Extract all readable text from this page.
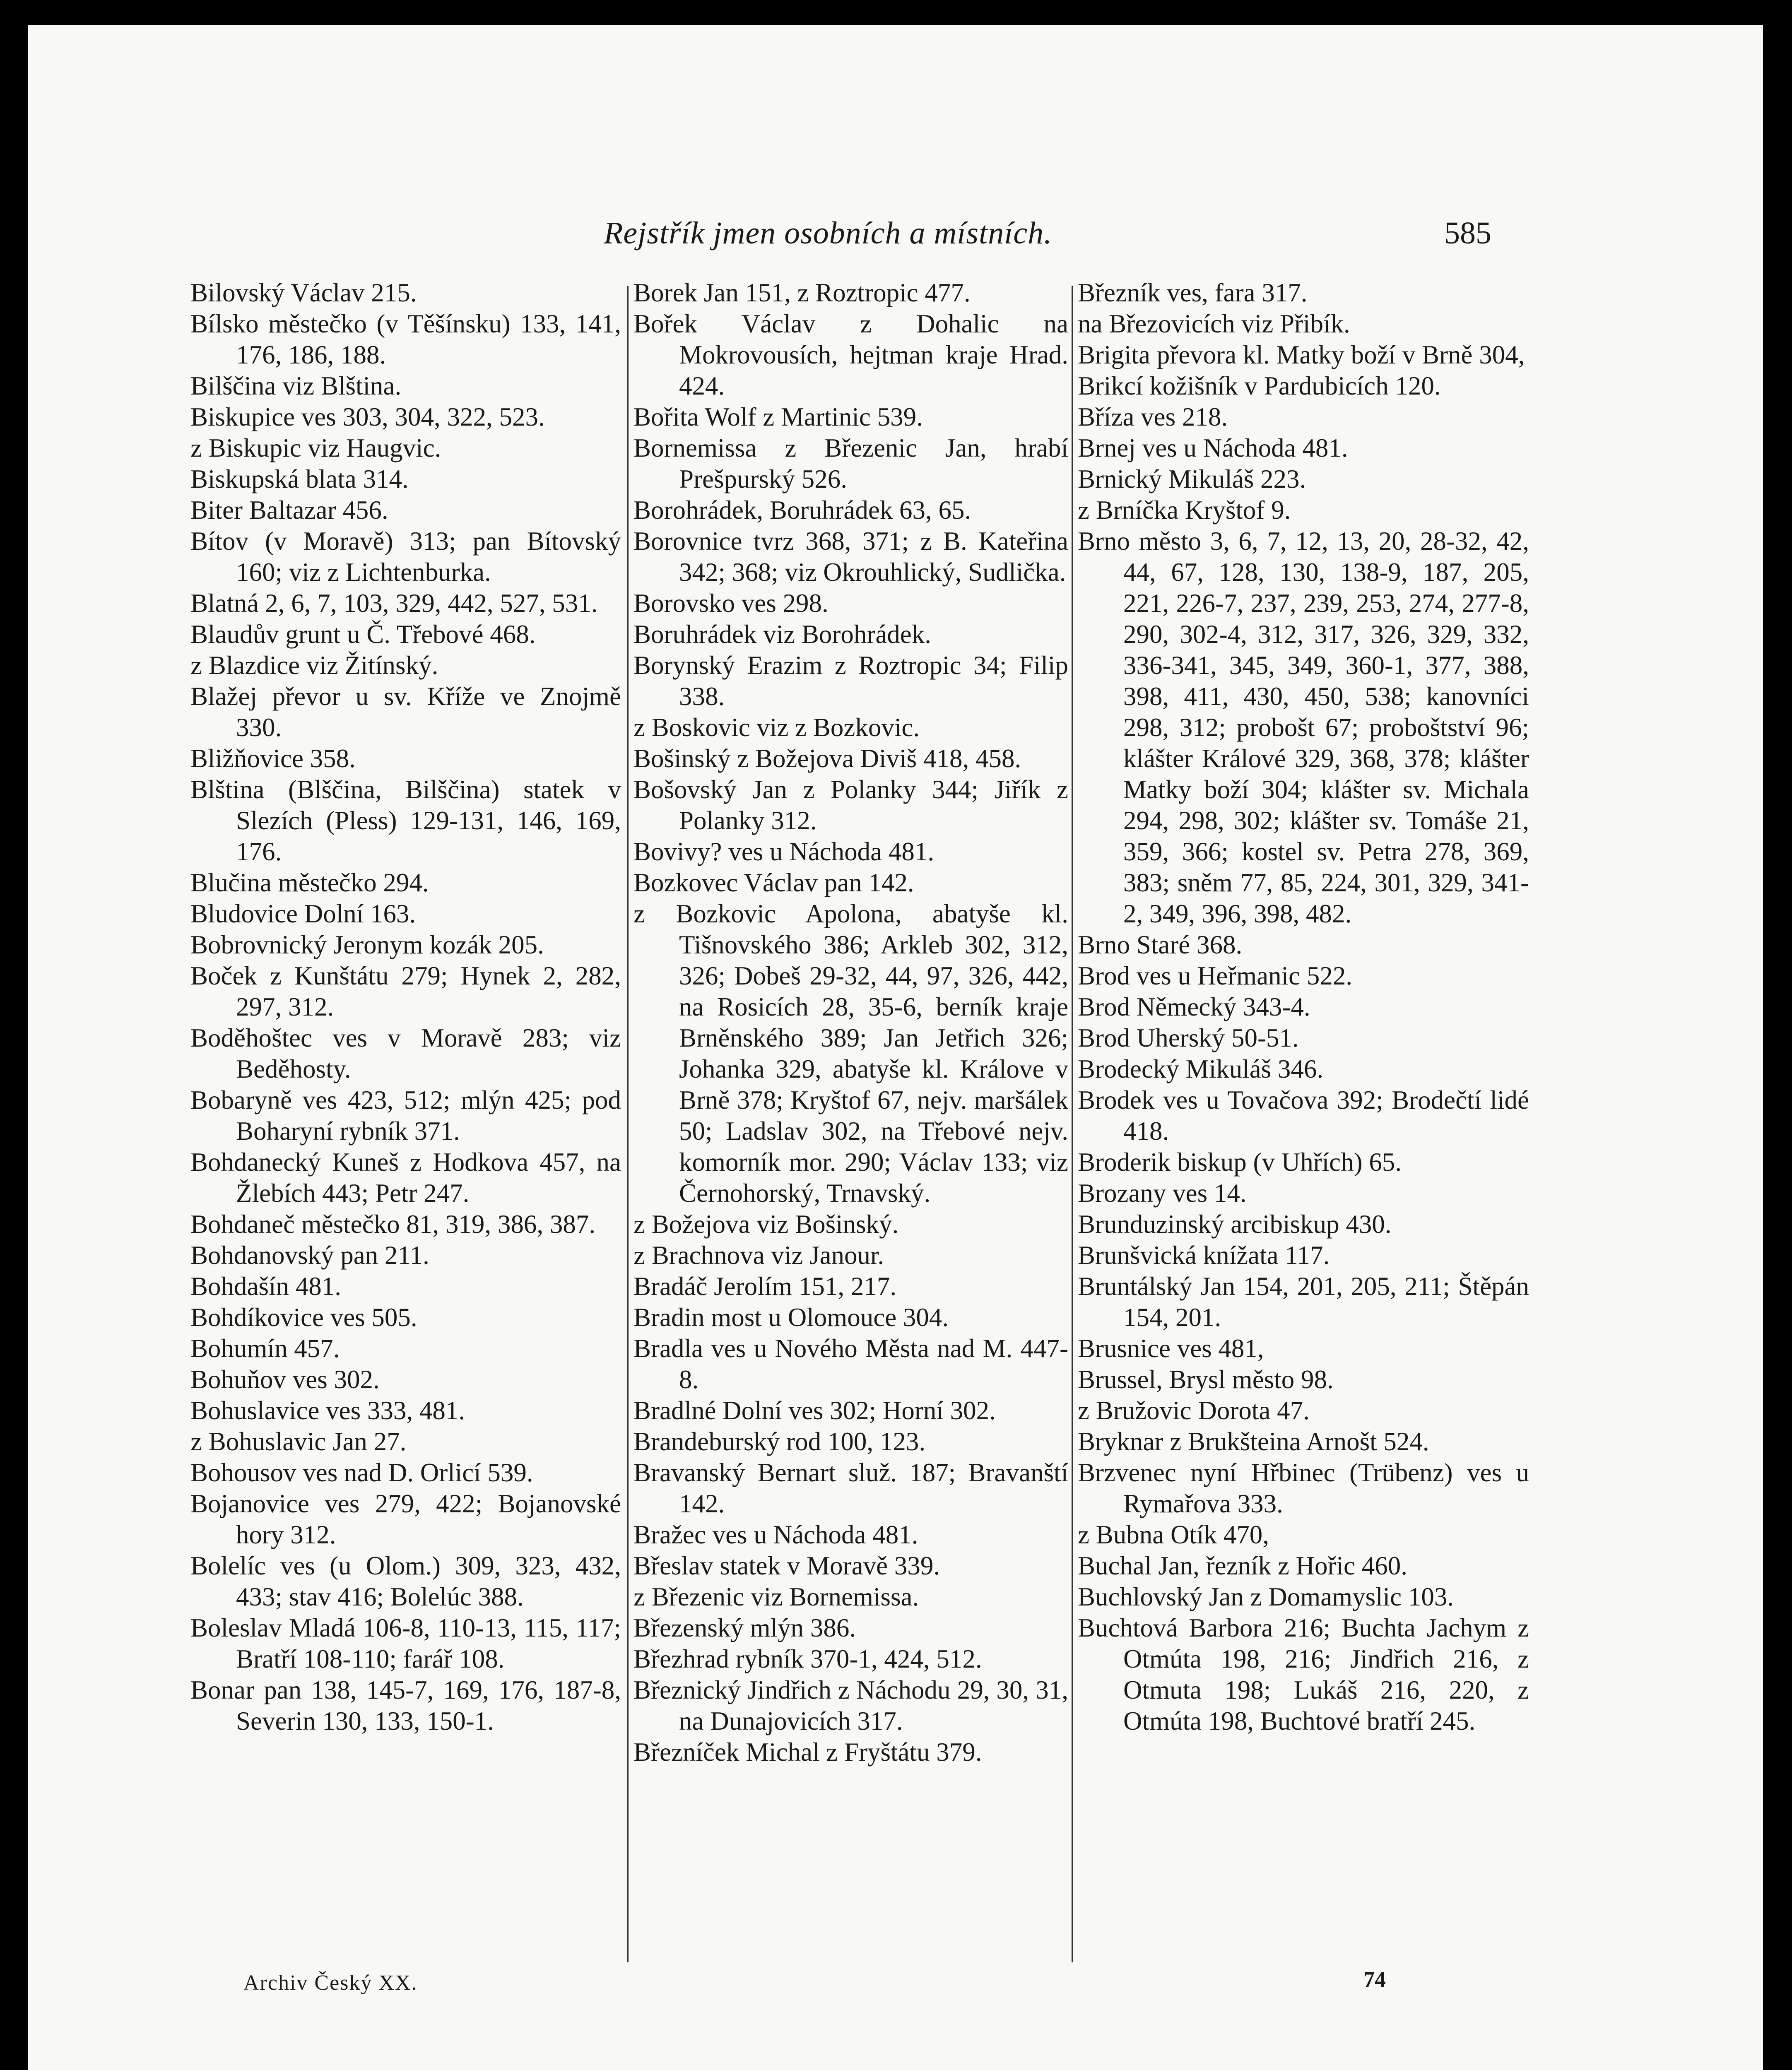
Rejstřík jmen osobních a místních.	585

Bilovský Václav 215.

Bílsko městečko (v Těšínsku) 133, 141, 176, 186, 188.

Bilščina viz Blština.

Biskupice ves 303, 304, 322, 523.

z Biskupic viz Haugvic.

Biskupská blata 314.

Biter Baltazar 456.

Bítov (v Moravě) 313; pan Bítovský 160; viz z Lichtenburka.

Blatná 2, 6, 7, 103, 329, 442, 527, 531.

Blaudův grunt u Č. Třebové 468.

z Blazdice viz Žitínský.

Blažej převor u sv. Kříže ve Znojmě 330.

Bližňovice 358.

Blština (Blščina, Bilščina) statek v Slezích (Pless) 129-131, 146, 169, 176.

Blučina městečko 294.

Bludovice Dolní 163.

Bobrovnický Jeronym kozák 205.

Boček z Kunštátu 279; Hynek 2, 282, 297, 312.

Boděhoštec ves v Moravě 283; viz Beděhosty.

Bobaryně ves 423, 512; mlýn 425; pod Boharyní rybník 371.

Bohdanecký Kuneš z Hodkova 457, na Žlebích 443; Petr 247.

Bohdaneč městečko 81, 319, 386, 387.

Bohdanovský pan 211.

Bohdašín 481.

Bohdíkovice ves 505.

Bohumín 457.

Bohuňov ves 302.

Bohuslavice ves 333, 481.

z Bohuslavic Jan 27.

Bohousov ves nad D. Orlicí 539.

Bojanovice ves 279, 422; Bojanovské hory 312.

Bolelíc ves (u Olom.) 309, 323, 432, 433; stav 416; Bolelúc 388.

Boleslav Mladá 106-8, 110-13, 115, 117; Bratří 108-110; farář 108.

Bonar pan 138, 145-7, 169, 176, 187-8, Severin 130, 133, 150-1.

Borek Jan 151, z Roztropic 477.

Bořek Václav z Dohalic na Mokrovousích, hejtman kraje Hrad. 424.

Bořita Wolf z Martinic 539.

Bornemissa z Březenic Jan, hrabí Prešpurský 526.

Borohrádek, Boruhrádek 63, 65.

Borovnice tvrz 368, 371; z B. Kateřina 342; 368; viz Okrouhlický, Sudlička.

Borovsko ves 298.

Boruhrádek viz Borohrádek.

Borynský Erazim z Roztropic 34; Filip 338.

z Boskovic viz z Bozkovic.

Bošinský z Božejova Diviš 418, 458.

Bošovský Jan z Polanky 344; Jiřík z Polanky 312.

Bovivy? ves u Náchoda 481.

Bozkovec Václav pan 142.

z Bozkovic Apolona, abatyše kl. Tišnovského 386; Arkleb 302, 312, 326; Dobeš 29-32, 44, 97, 326, 442, na Rosicích 28, 35-6, berník kraje Brněnského 389; Jan Jetřich 326; Johanka 329, abatyše kl. Králove v Brně 378; Kryštof 67, nejv. maršálek 50; Ladslav 302, na Třebové nejv. komorník mor. 290; Václav 133; viz Černohorský, Trnavský.

z Božejova viz Bošinský.

z Brachnova viz Janour.

Bradáč Jerolím 151, 217.

Bradin most u Olomouce 304.

Bradla ves u Nového Města nad M. 447-8.

Bradlné Dolní ves 302; Horní 302.

Brandeburský rod 100, 123.

Bravanský Bernart služ. 187; Bravanští 142.

Bražec ves u Náchoda 481.

Břeslav statek v Moravě 339.

z Březenic viz Bornemissa.

Březenský mlýn 386.

Březhrad rybník 370-1, 424, 512.

Březnický Jindřich z Náchodu 29, 30, 31, na Dunajovicích 317.

Březníček Michal z Fryštátu 379.

Březník ves, fara 317.

na Březovicích viz Přibík.

Brigita převora kl. Matky boží v Brně 304,

Brikcí kožišník v Pardubicích 120.

Bříza ves 218.

Brnej ves u Náchoda 481.

Brnický Mikuláš 223.

z Brníčka Kryštof 9.

Brno město 3, 6, 7, 12, 13, 20, 28-32, 42, 44, 67, 128, 130, 138-9, 187, 205, 221, 226-7, 237, 239, 253, 274, 277-8, 290, 302-4, 312, 317, 326, 329, 332, 336-341, 345, 349, 360-1, 377, 388, 398, 411, 430, 450, 538; kanovníci 298, 312; probošt 67; proboštství 96; klášter Králové 329, 368, 378; klášter Matky boží 304; klášter sv. Michala 294, 298, 302; klášter sv. Tomáše 21, 359, 366; kostel sv. Petra 278, 369, 383; sněm 77, 85, 224, 301, 329, 341-2, 349, 396, 398, 482.

Brno Staré 368.

Brod ves u Heřmanic 522.

Brod Německý 343-4.

Brod Uherský 50-51.

Brodecký Mikuláš 346.

Brodek ves u Tovačova 392; Brodečtí lidé 418.

Broderik biskup (v Uhřích) 65.

Brozany ves 14.

Brunduzinský arcibiskup 430.

Brunšvická knížata 117.

Bruntálský Jan 154, 201, 205, 211; Štěpán 154, 201.

Brusnice ves 481,

Brussel, Brysl město 98.

z Bružovic Dorota 47.

Bryknar z Brukšteina Arnošt 524.

Brzvenec nyní Hřbinec (Trübenz) ves u Rymařova 333.

z Bubna Otík 470,

Buchal Jan, řezník z Hořic 460.

Buchlovský Jan z Domamyslic 103.

Buchtová Barbora 216; Buchta Jachym z Otmúta 198, 216; Jindřich 216, z Otmuta 198; Lukáš 216, 220, z Otmúta 198, Buchtové bratří 245.

Archiv Český XX.	74
